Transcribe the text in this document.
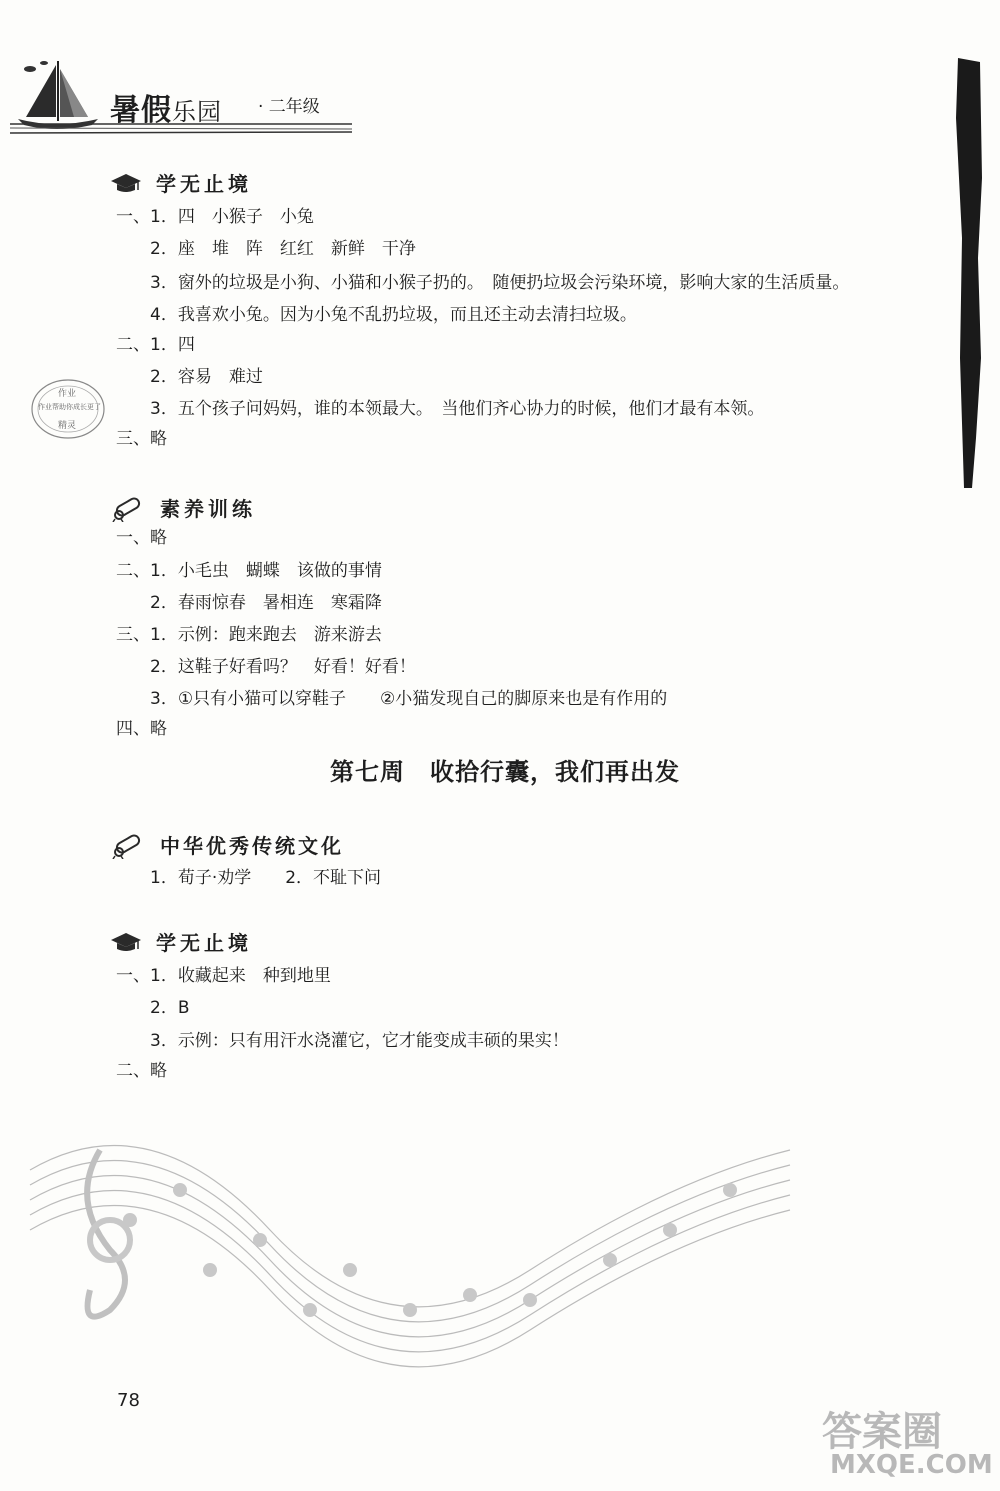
暑假乐园 · 二年级
学无止境
一、1．四　小猴子　小兔
2．座　堆　阵　红红　新鲜　干净
3．窗外的垃圾是小狗、小猫和小猴子扔的。　随便扔垃圾会污染环境，影响大家的生活质量。
4．我喜欢小兔。因为小兔不乱扔垃圾，而且还主动去清扫垃圾。
二、1．四
2．容易　难过
3．五个孩子问妈妈，谁的本领最大。　当他们齐心协力的时候，他们才最有本领。
三、略
作业
作业帮助你成长更了
精灵
素养训练
一、略
二、1．小毛虫　蝴蝶　该做的事情
2．春雨惊春　暑相连　寒霜降
三、1．示例：跑来跑去　游来游去
2．这鞋子好看吗？　好看！好看！
3．①只有小猫可以穿鞋子　　②小猫发现自己的脚原来也是有作用的
四、略
第七周　收拾行囊，我们再出发
中华优秀传统文化
1．荀子·劝学　　2．不耻下问
学无止境
一、1．收藏起来　种到地里
2．B
3．示例：只有用汗水浇灌它，它才能变成丰硕的果实！
二、略
78
答案圈
MXQE.COM
